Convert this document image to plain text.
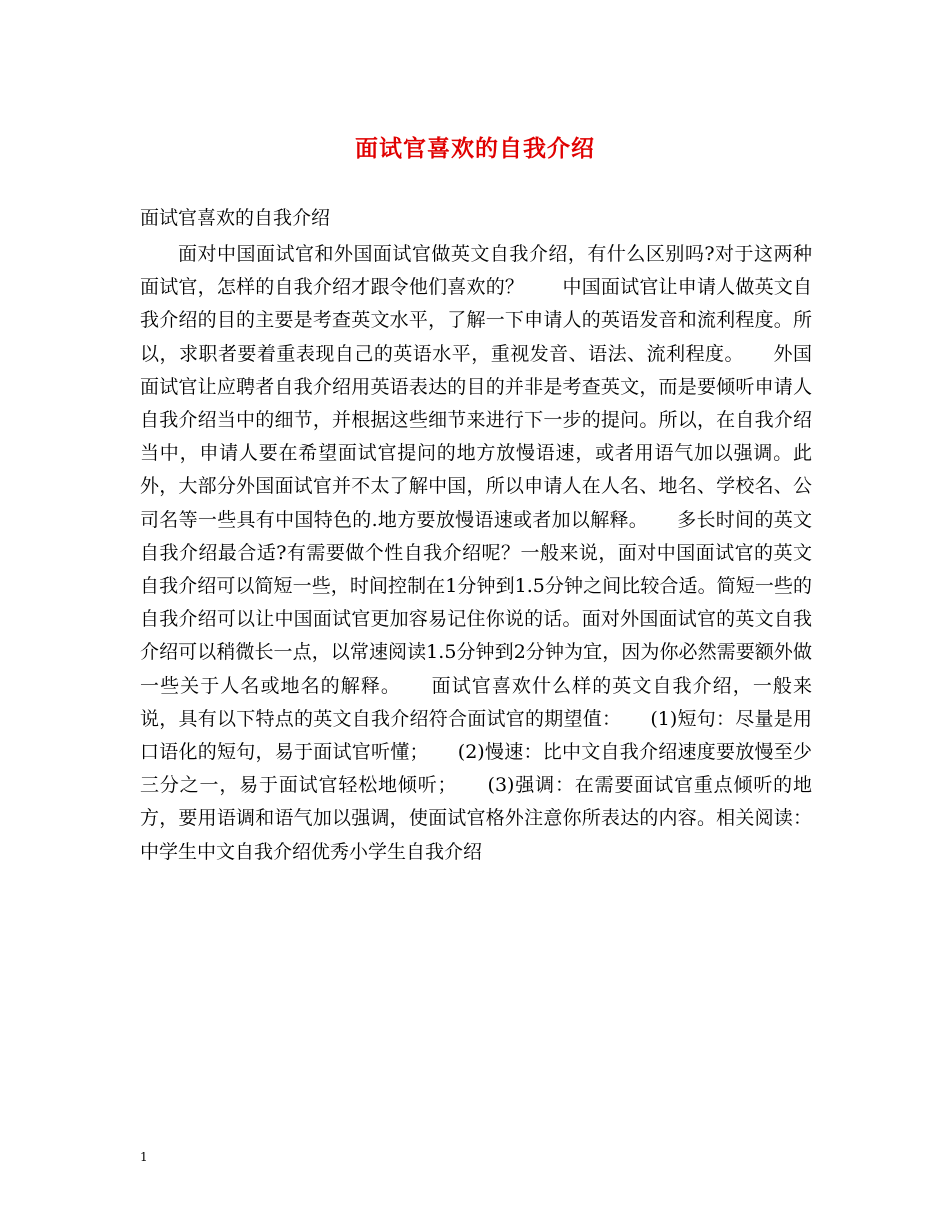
面试官喜欢的自我介绍
面试官喜欢的自我介绍

面对中国面试官和外国面试官做英文自我介绍，有什么区别吗?对于这两种面试官，怎样的自我介绍才跟令他们喜欢的？　　中国面试官让申请人做英文自我介绍的目的主要是考查英文水平，了解一下申请人的英语发音和流利程度。所以，求职者要着重表现自己的英语水平，重视发音、语法、流利程度。　　外国面试官让应聘者自我介绍用英语表达的目的并非是考查英文，而是要倾听申请人自我介绍当中的细节，并根据这些细节来进行下一步的提问。所以，在自我介绍当中，申请人要在希望面试官提问的地方放慢语速，或者用语气加以强调。此外，大部分外国面试官并不太了解中国，所以申请人在人名、地名、学校名、公司名等一些具有中国特色的.地方要放慢语速或者加以解释。　　多长时间的英文自我介绍最合适?有需要做个性自我介绍呢？一般来说，面对中国面试官的英文自我介绍可以简短一些，时间控制在1分钟到1.5分钟之间比较合适。简短一些的自我介绍可以让中国面试官更加容易记住你说的话。面对外国面试官的英文自我介绍可以稍微长一点，以常速阅读1.5分钟到2分钟为宜，因为你必然需要额外做一些关于人名或地名的解释。　　面试官喜欢什么样的英文自我介绍，一般来说，具有以下特点的英文自我介绍符合面试官的期望值：　　(1)短句：尽量是用口语化的短句，易于面试官听懂；　　(2)慢速：比中文自我介绍速度要放慢至少三分之一，易于面试官轻松地倾听；　　(3)强调：在需要面试官重点倾听的地方，要用语调和语气加以强调，使面试官格外注意你所表达的内容。相关阅读：中学生中文自我介绍优秀小学生自我介绍

1
